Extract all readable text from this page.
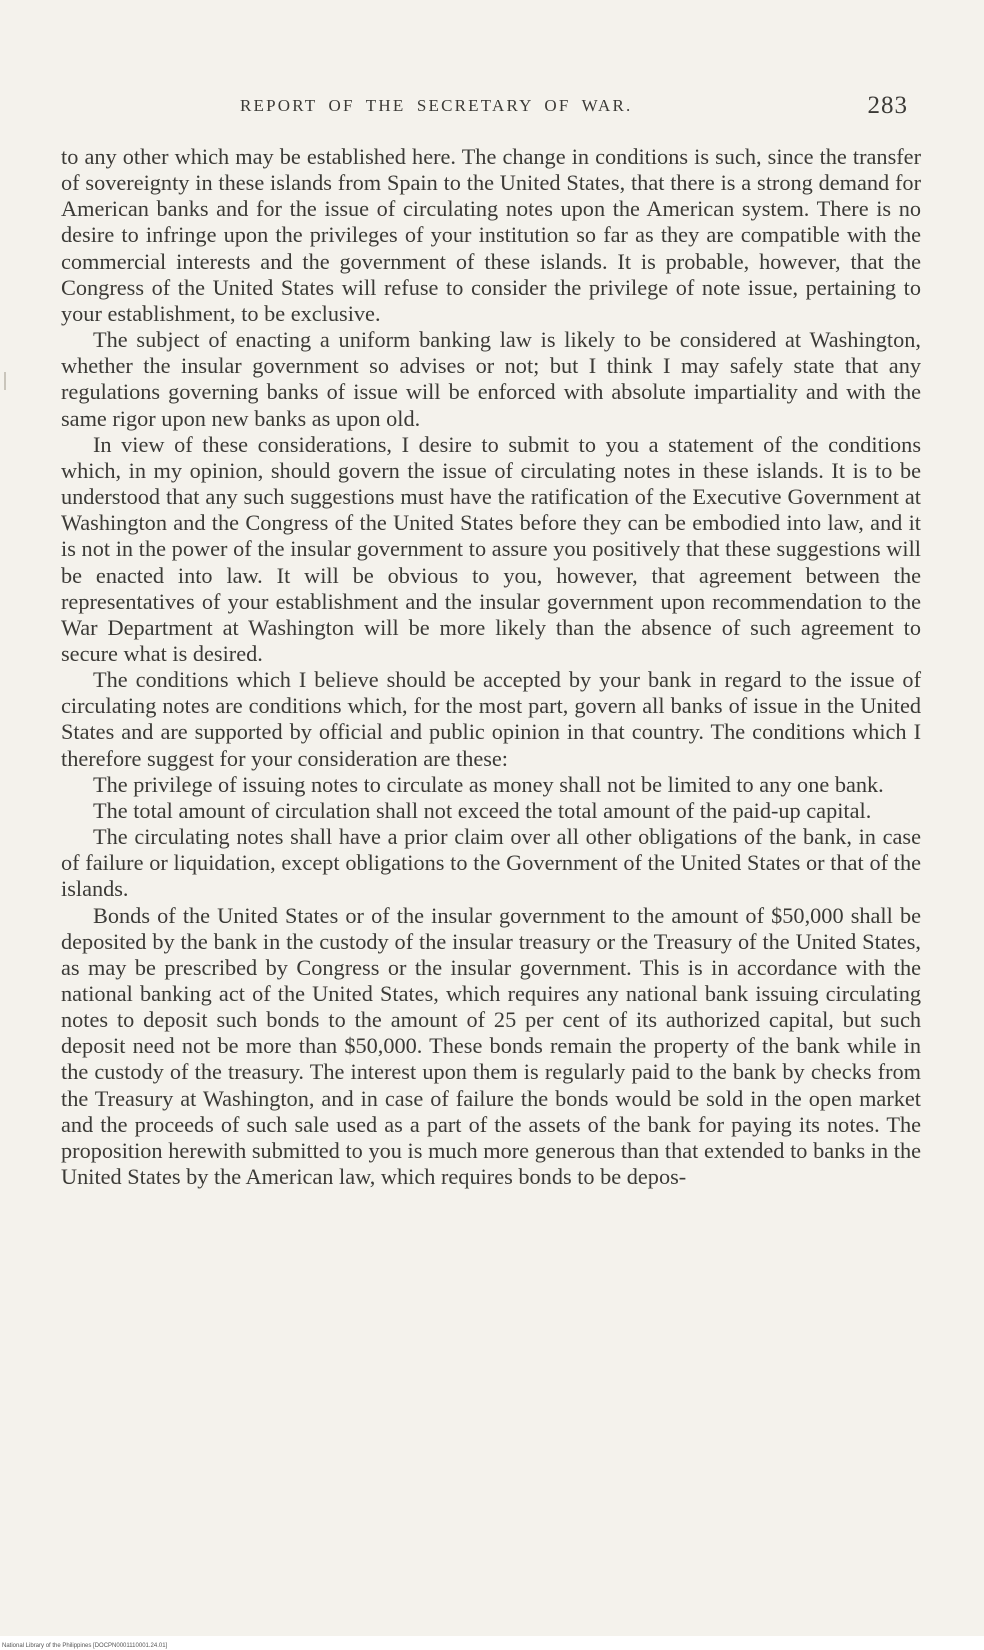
REPORT OF THE SECRETARY OF WAR.	283

to any other which may be established here. The change in conditions is such, since the transfer of sovereignty in these islands from Spain to the United States, that there is a strong demand for American banks and for the issue of circulating notes upon the American system. There is no desire to infringe upon the privileges of your institution so far as they are compatible with the commercial interests and the government of these islands. It is probable, however, that the Congress of the United States will refuse to consider the privilege of note issue, pertaining to your establishment, to be exclusive.

The subject of enacting a uniform banking law is likely to be considered at Washington, whether the insular government so advises or not; but I think I may safely state that any regulations governing banks of issue will be enforced with absolute impartiality and with the same rigor upon new banks as upon old.

In view of these considerations, I desire to submit to you a statement of the conditions which, in my opinion, should govern the issue of circulating notes in these islands. It is to be understood that any such suggestions must have the ratification of the Executive Government at Washington and the Congress of the United States before they can be embodied into law, and it is not in the power of the insular government to assure you positively that these suggestions will be enacted into law. It will be obvious to you, however, that agreement between the representatives of your establishment and the insular government upon recommendation to the War Department at Washington will be more likely than the absence of such agreement to secure what is desired.

The conditions which I believe should be accepted by your bank in regard to the issue of circulating notes are conditions which, for the most part, govern all banks of issue in the United States and are supported by official and public opinion in that country. The conditions which I therefore suggest for your consideration are these:

The privilege of issuing notes to circulate as money shall not be limited to any one bank.

The total amount of circulation shall not exceed the total amount of the paid-up capital.

The circulating notes shall have a prior claim over all other obligations of the bank, in case of failure or liquidation, except obligations to the Government of the United States or that of the islands.

Bonds of the United States or of the insular government to the amount of $50,000 shall be deposited by the bank in the custody of the insular treasury or the Treasury of the United States, as may be prescribed by Congress or the insular government. This is in accordance with the national banking act of the United States, which requires any national bank issuing circulating notes to deposit such bonds to the amount of 25 per cent of its authorized capital, but such deposit need not be more than $50,000. These bonds remain the property of the bank while in the custody of the treasury. The interest upon them is regularly paid to the bank by checks from the Treasury at Washington, and in case of failure the bonds would be sold in the open market and the proceeds of such sale used as a part of the assets of the bank for paying its notes. The proposition herewith submitted to you is much more generous than that extended to banks in the United States by the American law, which requires bonds to be depos-

National Library of the Philippines [DOCPN0001110001.24.01]
